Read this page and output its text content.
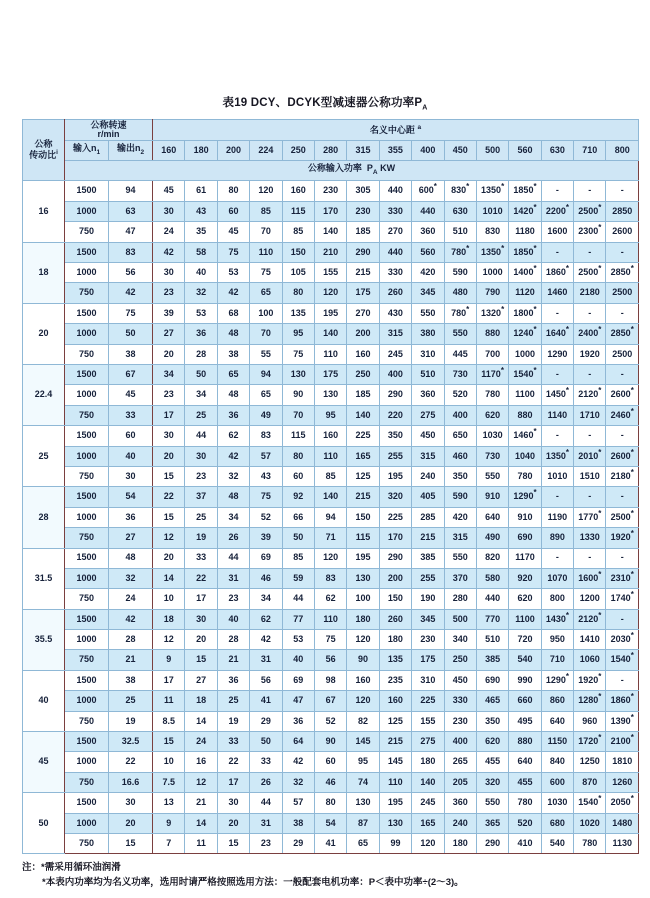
表19 DCY、DCYK型减速器公称功率$P_A$
公称
传动比$^i$	公称转速
r/min		名义中心距 $^a$
	输入$n_1$	输出$n_2$	160	180	200	224	250	280	315	355	400	450	500	560	630	710	800
	公称输入功率 $P_A$ KW																
16	1500	94	45	61	80	120	160	230	305	440	600*	830*	1350*	1850*	-	-	-
	1000	63	30	43	60	85	115	170	230	330	440	630	1010	1420*	2200*	2500*	2850
	750	47	24	35	45	70	85	140	185	270	360	510	830	1180	1600	2300*	2600
18	1500	83	42	58	75	110	150	210	290	440	560	780*	1350*	1850*	-	-	-
	1000	56	30	40	53	75	105	155	215	330	420	590	1000	1400*	1860*	2500*	2850*
	750	42	23	32	42	65	80	120	175	260	345	480	790	1120	1460	2180	2500
20	1500	75	39	53	68	100	135	195	270	430	550	780*	1320*	1800*	-	-	-
	1000	50	27	36	48	70	95	140	200	315	380	550	880	1240*	1640*	2400*	2850*
	750	38	20	28	38	55	75	110	160	245	310	445	700	1000	1290	1920	2500
22.4	1500	67	34	50	65	94	130	175	250	400	510	730	1170*	1540*	-	-	-
	1000	45	23	34	48	65	90	130	185	290	360	520	780	1100	1450*	2120*	2600*
	750	33	17	25	36	49	70	95	140	220	275	400	620	880	1140	1710	2460*
25	1500	60	30	44	62	83	115	160	225	350	450	650	1030	1460*	-	-	-
	1000	40	20	30	42	57	80	110	165	255	315	460	730	1040	1350*	2010*	2600*
	750	30	15	23	32	43	60	85	125	195	240	350	550	780	1010	1510	2180*
28	1500	54	22	37	48	75	92	140	215	320	405	590	910	1290*	-	-	-
	1000	36	15	25	34	52	66	94	150	225	285	420	640	910	1190	1770*	2500*
	750	27	12	19	26	39	50	71	115	170	215	315	490	690	890	1330	1920*
31.5	1500	48	20	33	44	69	85	120	195	290	385	550	820	1170	-	-	-
	1000	32	14	22	31	46	59	83	130	200	255	370	580	920	1070	1600*	2310*
	750	24	10	17	23	34	44	62	100	150	190	280	440	620	800	1200	1740*
35.5	1500	42	18	30	40	62	77	110	180	260	345	500	770	1100	1430*	2120*	-
	1000	28	12	20	28	42	53	75	120	180	230	340	510	720	950	1410	2030*
	750	21	9	15	21	31	40	56	90	135	175	250	385	540	710	1060	1540*
40	1500	38	17	27	36	56	69	98	160	235	310	450	690	990	1290*	1920*	-
	1000	25	11	18	25	41	47	67	120	160	225	330	465	660	860	1280*	1860*
	750	19	8.5	14	19	29	36	52	82	125	155	230	350	495	640	960	1390*
45	1500	32.5	15	24	33	50	64	90	145	215	275	400	620	880	1150	1720*	2100*
	1000	22	10	16	22	33	42	60	95	145	180	265	455	640	840	1250	1810
	750	16.6	7.5	12	17	26	32	46	74	110	140	205	320	455	600	870	1260
50	1500	30	13	21	30	44	57	80	130	195	245	360	550	780	1030	1540*	2050*
	1000	20	9	14	20	31	38	54	87	130	165	240	365	520	680	1020	1480
	750	15	7	11	15	23	29	41	65	99	120	180	290	410	540	780	1130
注：*需采用循环油润滑
*本表内功率均为名义功率，选用时请严格按照选用方法：一般配套电机功率：P＜表中功率÷(2～3)。
